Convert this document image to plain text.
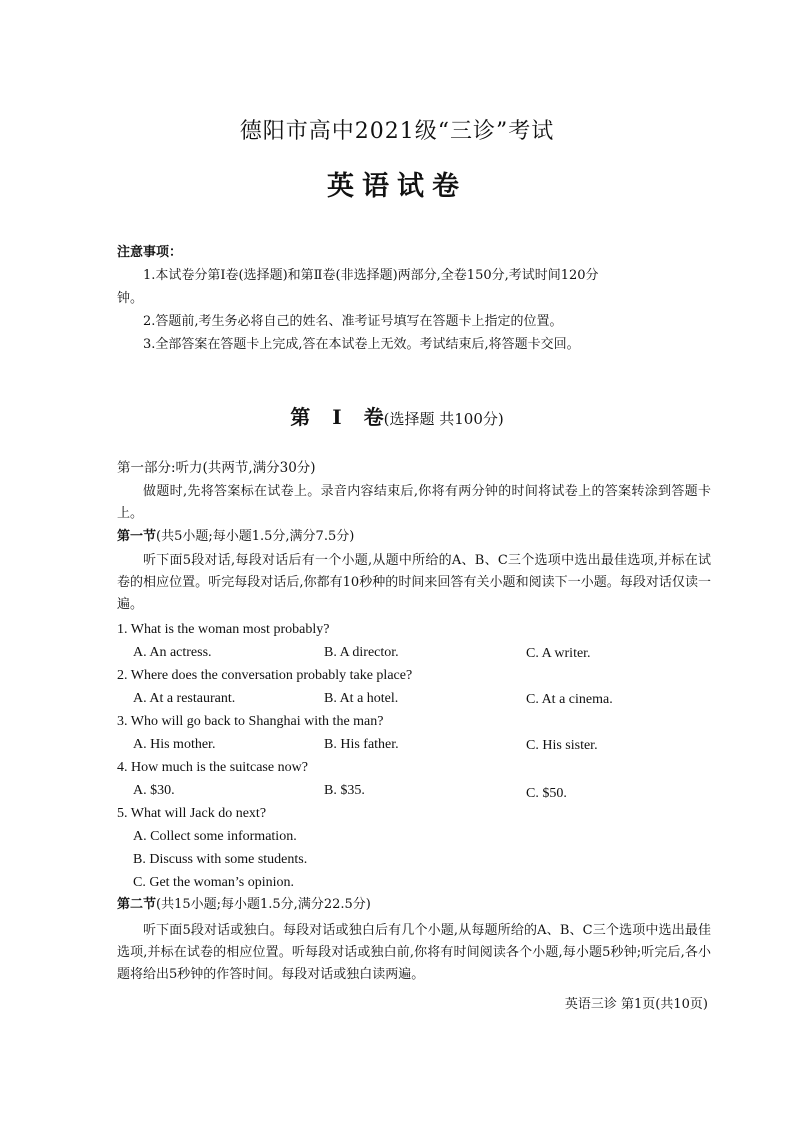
德阳市高中2021级“三诊”考试
英语试卷
注意事项：
1.本试卷分第Ⅰ卷(选择题)和第Ⅱ卷(非选择题)两部分,全卷150分,考试时间120分
钟。
2.答题前,考生务必将自己的姓名、准考证号填写在答题卡上指定的位置。
3.全部答案在答题卡上完成,答在本试卷上无效。考试结束后,将答题卡交回。
第 Ⅰ 卷(选择题 共100分)
第一部分:听力(共两节,满分30分)
做题时,先将答案标在试卷上。录音内容结束后,你将有两分钟的时间将试卷上的答案转涂到答题卡上。
第一节(共5小题;每小题1.5分,满分7.5分)
听下面5段对话,每段对话后有一个小题,从题中所给的A、B、C三个选项中选出最佳选项,并标在试卷的相应位置。听完每段对话后,你都有10秒种的时间来回答有关小题和阅读下一小题。每段对话仅读一遍。
1. What is the woman most probably?
A. An actress.	B. A director.	C. A writer.
2. Where does the conversation probably take place?
A. At a restaurant.	B. At a hotel.	C. At a cinema.
3. Who will go back to Shanghai with the man?
A. His mother.	B. His father.	C. His sister.
4. How much is the suitcase now?
A. $30.	B. $35.	C. $50.
5. What will Jack do next?
A. Collect some information.
B. Discuss with some students.
C. Get the woman’s opinion.
第二节(共15小题;每小题1.5分,满分22.5分)
听下面5段对话或独白。每段对话或独白后有几个小题,从每题所给的A、B、C三个选项中选出最佳选项,并标在试卷的相应位置。听每段对话或独白前,你将有时间阅读各个小题,每小题5秒钟;听完后,各小题将给出5秒钟的作答时间。每段对话或独白读两遍。
英语三诊 第1页(共10页)
